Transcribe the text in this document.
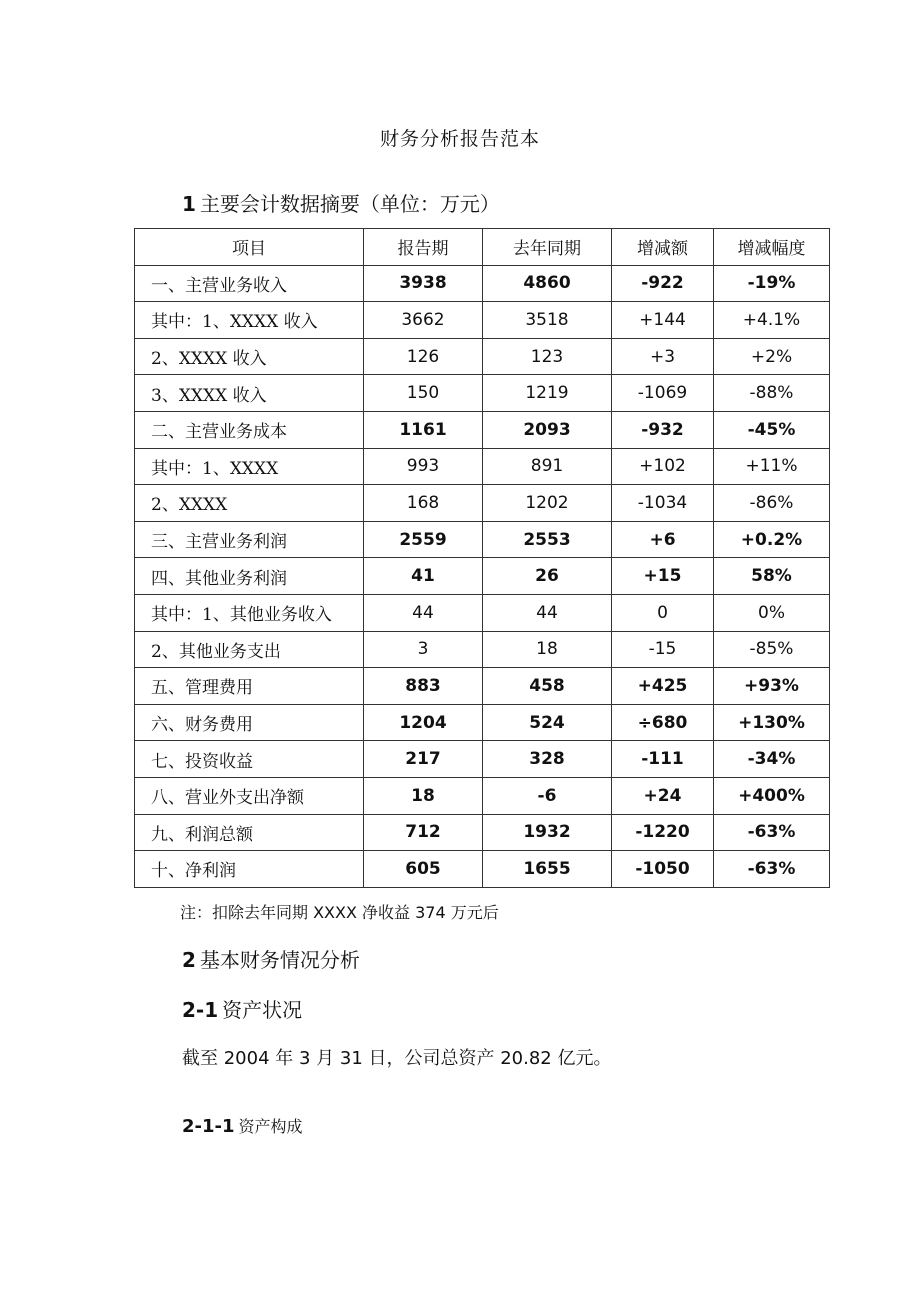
财务分析报告范本
1 主要会计数据摘要（单位：万元）
项目	报告期	去年同期	增减额	增减幅度
一、主营业务收入	3938	4860	-922	-19%
其中：1、XXXX 收入	3662	3518	+144	+4.1%
2、XXXX 收入	126	123	+3	+2%
3、XXXX 收入	150	1219	-1069	-88%
二、主营业务成本	1161	2093	-932	-45%
其中：1、XXXX	993	891	+102	+11%
2、XXXX	168	1202	-1034	-86%
三、主营业务利润	2559	2553	+6	+0.2%
四、其他业务利润	41	26	+15	58%
其中：1、其他业务收入	44	44	0	0%
2、其他业务支出	3	18	-15	-85%
五、管理费用	883	458	+425	+93%
六、财务费用	1204	524	÷680	+130%
七、投资收益	217	328	-111	-34%
八、营业外支出净额	18	-6	+24	+400%
九、利润总额	712	1932	-1220	-63%
十、净利润	605	1655	-1050	-63%
注：扣除去年同期 XXXX 净收益 374 万元后
2 基本财务情况分析
2-1 资产状况
截至 2004 年 3 月 31 日，公司总资产 20.82 亿元。
2-1-1 资产构成
